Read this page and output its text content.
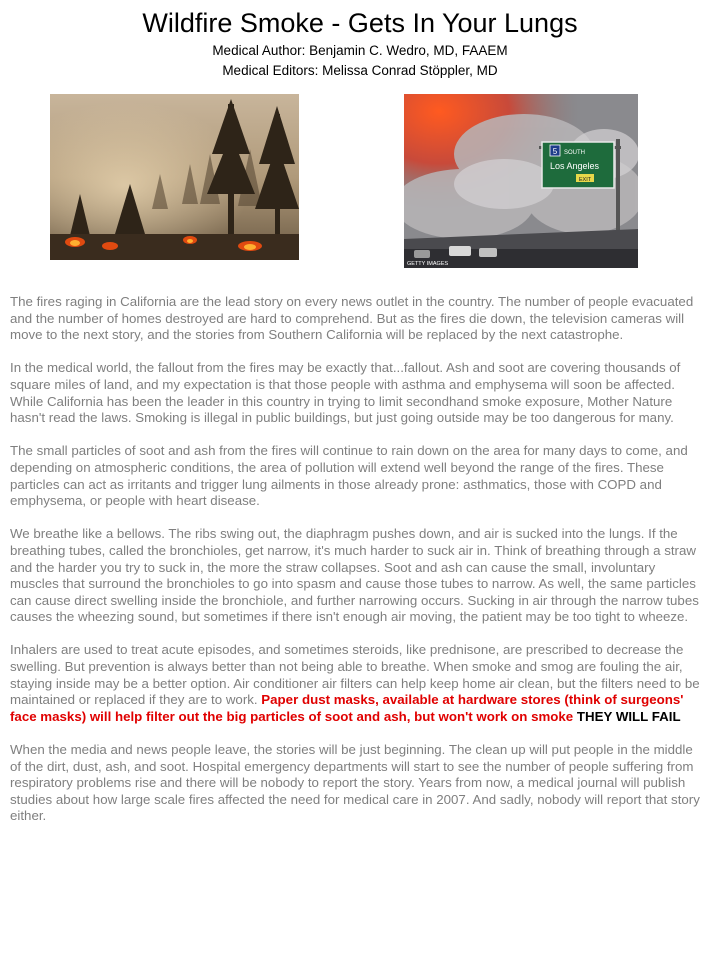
Wildfire Smoke - Gets In Your Lungs
Medical Author: Benjamin C. Wedro, MD, FAAEM
Medical Editors: Melissa Conrad Stöppler, MD
5 SOUTH
Los Angeles
EXIT
GETTY IMAGES

The fires raging in California are the lead story on every news outlet in the country. The number of people evacuated and the number of homes destroyed are hard to comprehend. But as the fires die down, the television cameras will move to the next story, and the stories from Southern California will be replaced by the next catastrophe.

In the medical world, the fallout from the fires may be exactly that...fallout. Ash and soot are covering thousands of square miles of land, and my expectation is that those people with asthma and emphysema will soon be affected. While California has been the leader in this country in trying to limit secondhand smoke exposure, Mother Nature hasn't read the laws. Smoking is illegal in public buildings, but just going outside may be too dangerous for many.

The small particles of soot and ash from the fires will continue to rain down on the area for many days to come, and depending on atmospheric conditions, the area of pollution will extend well beyond the range of the fires. These particles can act as irritants and trigger lung ailments in those already prone: asthmatics, those with COPD and emphysema, or people with heart disease.

We breathe like a bellows. The ribs swing out, the diaphragm pushes down, and air is sucked into the lungs. If the breathing tubes, called the bronchioles, get narrow, it's much harder to suck air in. Think of breathing through a straw and the harder you try to suck in, the more the straw collapses. Soot and ash can cause the small, involuntary muscles that surround the bronchioles to go into spasm and cause those tubes to narrow. As well, the same particles can cause direct swelling inside the bronchiole, and further narrowing occurs. Sucking in air through the narrow tubes causes the wheezing sound, but sometimes if there isn't enough air moving, the patient may be too tight to wheeze.

Inhalers are used to treat acute episodes, and sometimes steroids, like prednisone, are prescribed to decrease the swelling. But prevention is always better than not being able to breathe. When smoke and smog are fouling the air, staying inside may be a better option. Air conditioner air filters can help keep home air clean, but the filters need to be maintained or replaced if they are to work. Paper dust masks, available at hardware stores (think of surgeons' face masks) will help filter out the big particles of soot and ash, but won't work on smoke THEY WILL FAIL

When the media and news people leave, the stories will be just beginning. The clean up will put people in the middle of the dirt, dust, ash, and soot. Hospital emergency departments will start to see the number of people suffering from respiratory problems rise and there will be nobody to report the story. Years from now, a medical journal will publish studies about how large scale fires affected the need for medical care in 2007. And sadly, nobody will report that story either.
